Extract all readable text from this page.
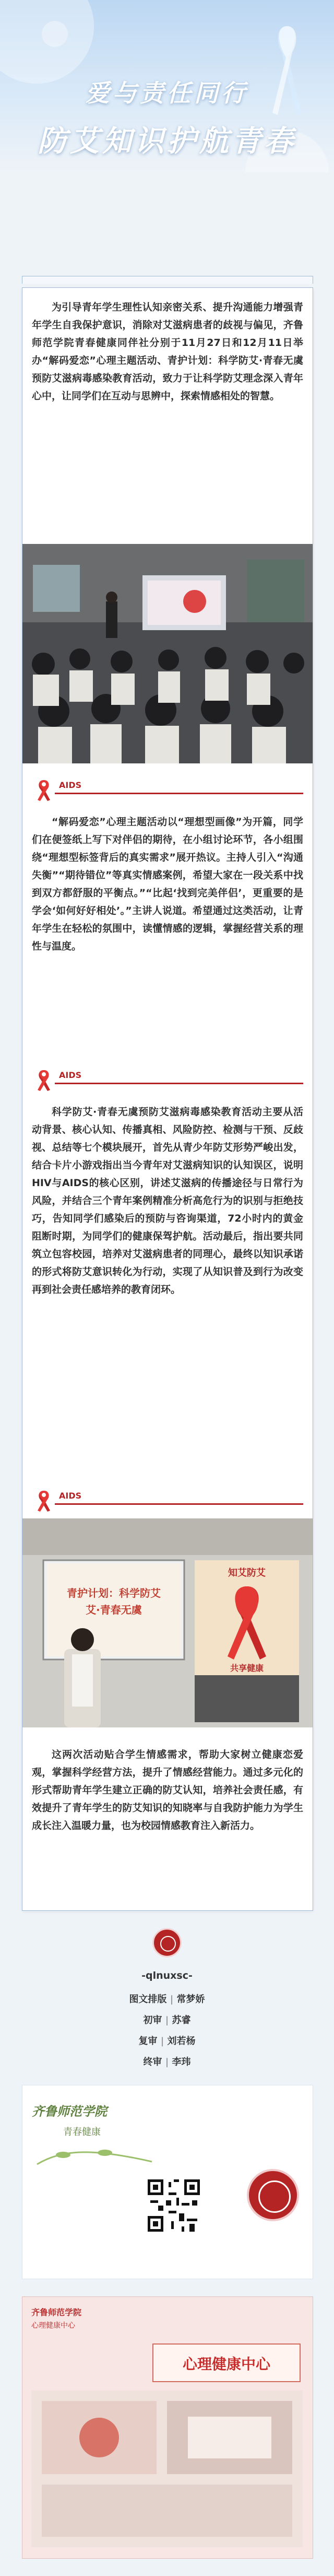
爱与责任同行
防艾知识护航青春

为引导青年学生理性认知亲密关系、提升沟通能力增强青年学生自我保护意识，消除对艾滋病患者的歧视与偏见，齐鲁师范学院青春健康同伴社分别于11月27日和12月11日举办“解码爱恋”心理主题活动、青护计划：科学防艾·青春无虞预防艾滋病毒感染教育活动，致力于让科学防艾理念深入青年心中，让同学们在互动与思辨中，探索情感相处的智慧。

AIDS

“解码爱恋”心理主题活动以“理想型画像”为开篇，同学们在便签纸上写下对伴侣的期待，在小组讨论环节，各小组围绕“理想型标签背后的真实需求”展开热议。主持人引入“沟通失衡”“期待错位”等真实情感案例，希望大家在一段关系中找到双方都舒服的平衡点。”“比起‘找到完美伴侣’，更重要的是学会‘如何好好相处’。”主讲人说道。希望通过这类活动，让青年学生在轻松的氛围中，读懂情感的逻辑，掌握经营关系的理性与温度。

AIDS

科学防艾·青春无虞预防艾滋病毒感染教育活动主要从活动背景、核心认知、传播真相、风险防控、检测与干预、反歧视、总结等七个模块展开，首先从青少年防艾形势严峻出发，结合卡片小游戏指出当今青年对艾滋病知识的认知误区，说明HIV与AIDS的核心区别，讲述艾滋病的传播途径与日常行为风险，并结合三个青年案例精准分析高危行为的识别与拒绝技巧，告知同学们感染后的预防与咨询渠道，72小时内的黄金阻断时期，为同学们的健康保驾护航。活动最后，指出要共同筑立包容校园，培养对艾滋病患者的同理心，最终以知识承诺的形式将防艾意识转化为行动，实现了从知识普及到行为改变再到社会责任感培养的教育闭环。

AIDS
青护计划：科学防艾
艾·青春无虞
知艾防艾
共享健康

这两次活动贴合学生情感需求，帮助大家树立健康恋爱观，掌握科学经营方法，提升了情感经营能力。通过多元化的形式帮助青年学生建立正确的防艾认知，培养社会责任感，有效提升了青年学生的防艾知识的知晓率与自我防护能力为学生成长注入温暖力量，也为校园情感教育注入新活力。

-qlnuxsc-
图文排版 | 常梦娇
初审 | 苏睿
复审 | 刘若杨
终审 | 李玮
齐鲁师范学院
青春健康
齐鲁师范学院
心理健康中心
心理健康中心
